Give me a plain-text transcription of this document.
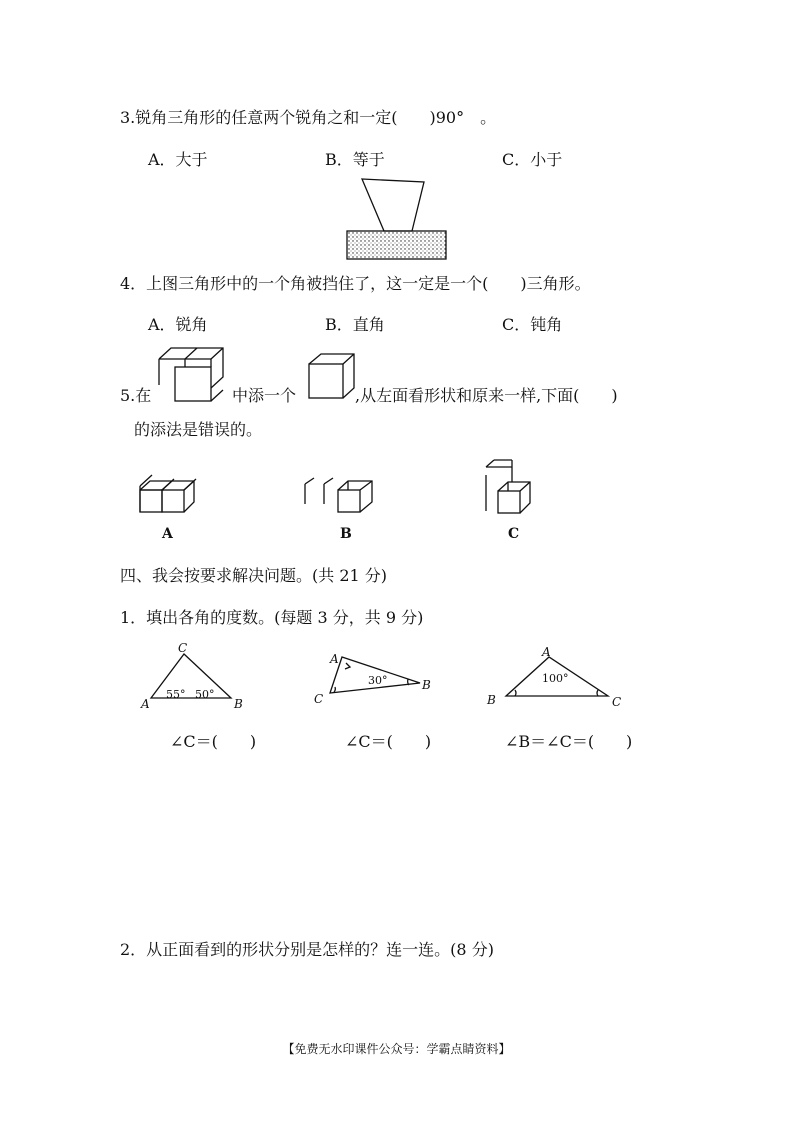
3.锐角三角形的任意两个锐角之和一定(　　)90°　。
A．大于	B．等于	C．小于
4．上图三角形中的一个角被挡住了，这一定是一个(　　)三角形。
A．锐角	B．直角	C．钝角
5.在	中添一个	,从左面看形状和原来一样,下面(　　)
的添法是错误的。
A	B	C
四、我会按要求解决问题。(共 21 分)
1．填出各角的度数。(每题 3 分，共 9 分)
C
A	B
55° 50°
A
B
C
30°
A
B	C
100°
∠C＝(　　)	∠C＝(　　)	∠B＝∠C＝(　　)
2．从正面看到的形状分别是怎样的？连一连。(8 分)
【免费无水印课件公众号：学霸点睛资料】
